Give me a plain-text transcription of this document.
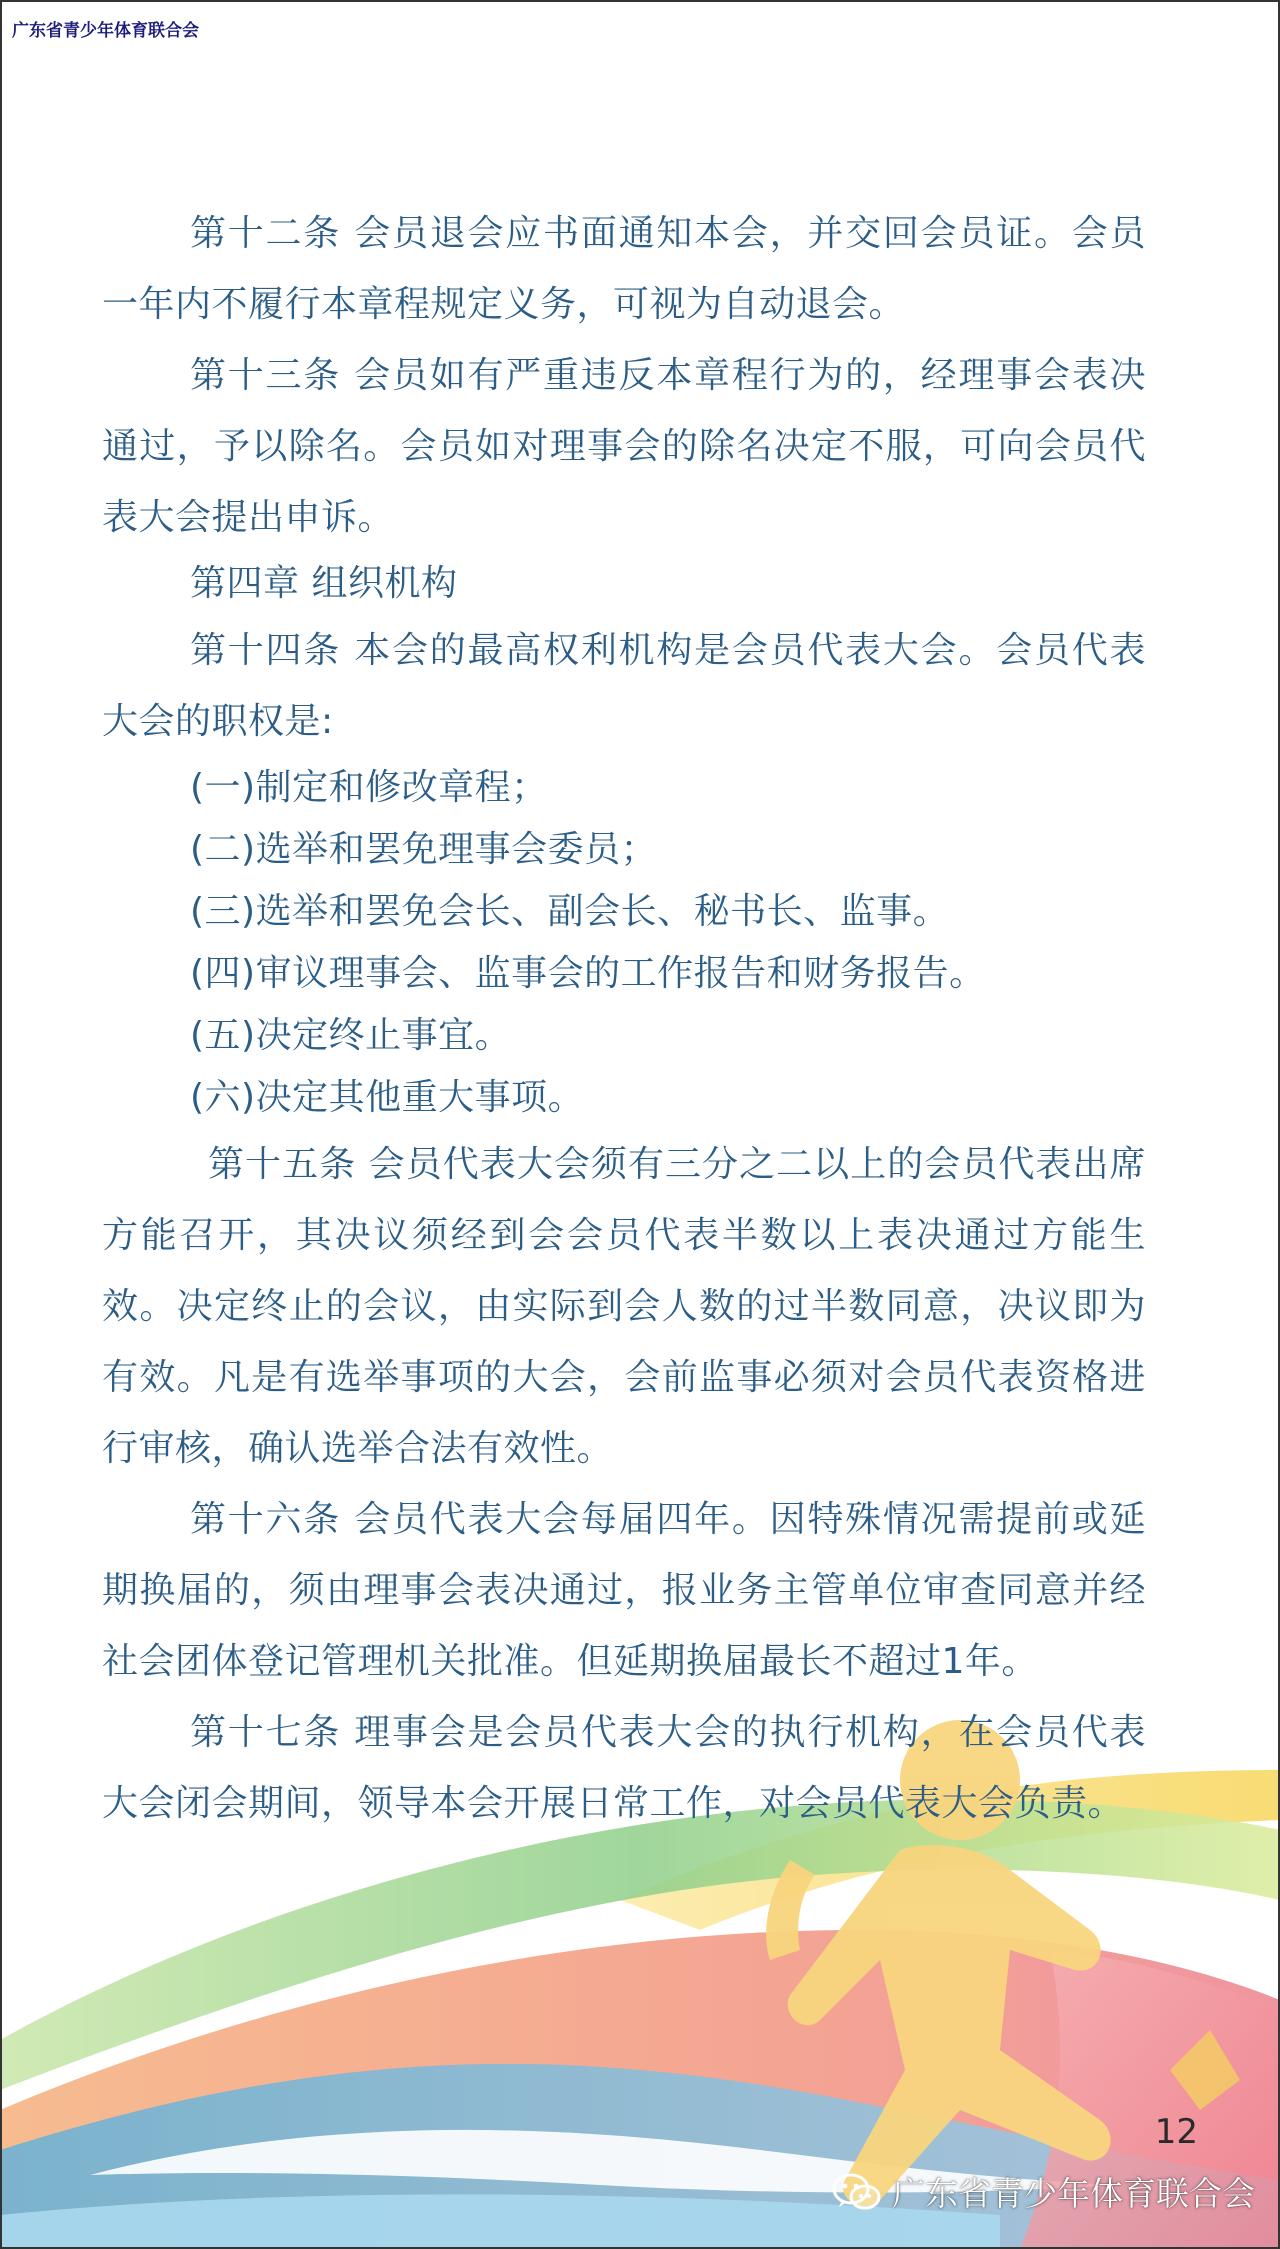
广东省青少年体育联合会

第十二条 会员退会应书面通知本会，并交回会员证。会员一年内不履行本章程规定义务，可视为自动退会。

第十三条 会员如有严重违反本章程行为的，经理事会表决通过，予以除名。会员如对理事会的除名决定不服，可向会员代表大会提出申诉。

第四章 组织机构

第十四条 本会的最高权利机构是会员代表大会。会员代表大会的职权是:

(一)制定和修改章程；

(二)选举和罢免理事会委员；

(三)选举和罢免会长、副会长、秘书长、监事。

(四)审议理事会、监事会的工作报告和财务报告。

(五)决定终止事宜。

(六)决定其他重大事项。

第十五条 会员代表大会须有三分之二以上的会员代表出席方能召开，其决议须经到会会员代表半数以上表决通过方能生效。决定终止的会议，由实际到会人数的过半数同意，决议即为有效。凡是有选举事项的大会，会前监事必须对会员代表资格进行审核，确认选举合法有效性。

第十六条 会员代表大会每届四年。因特殊情况需提前或延期换届的，须由理事会表决通过，报业务主管单位审查同意并经社会团体登记管理机关批准。但延期换届最长不超过1年。

第十七条 理事会是会员代表大会的执行机构，在会员代表大会闭会期间，领导本会开展日常工作，对会员代表大会负责。

12
广东省青少年体育联合会
